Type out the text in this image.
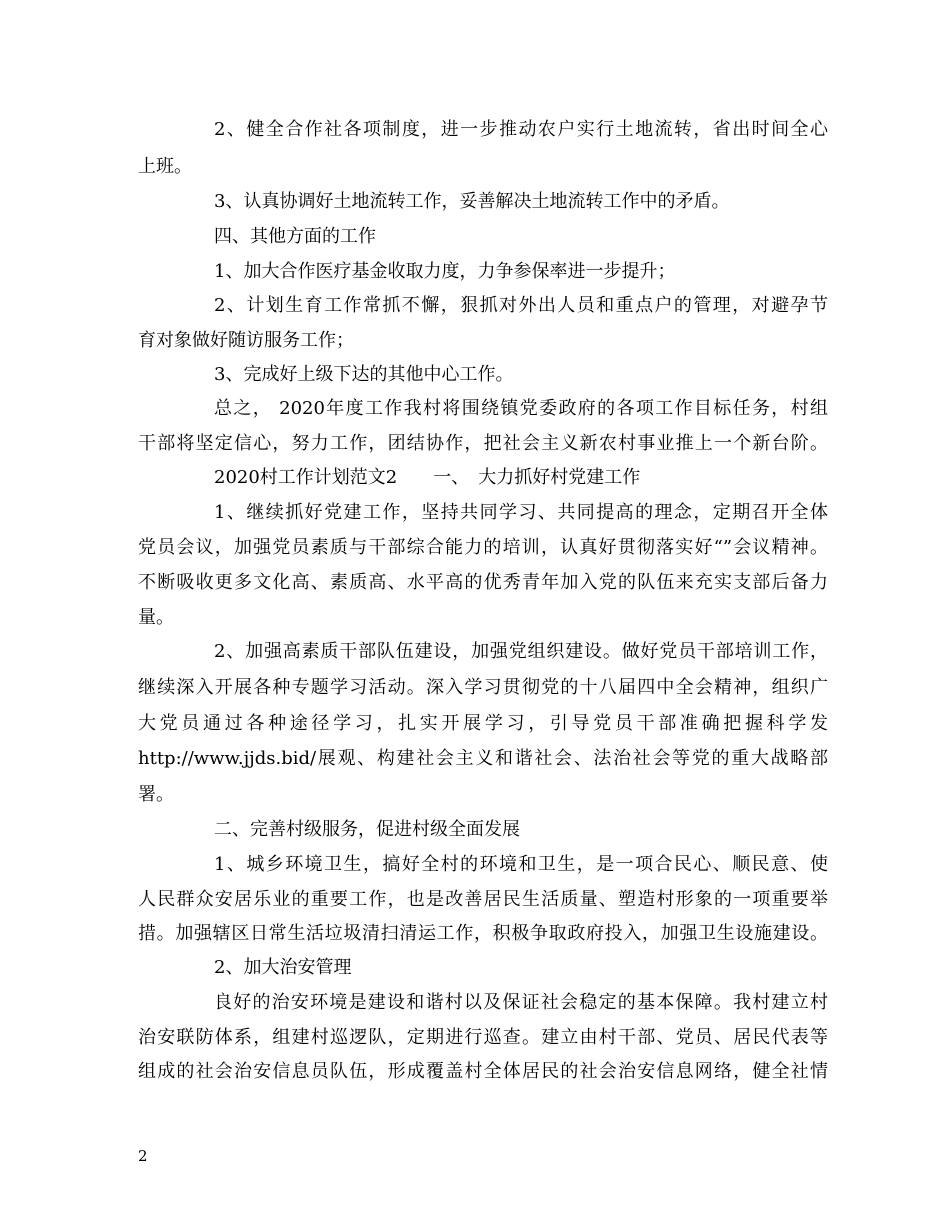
2、健全合作社各项制度，进一步推动农户实行土地流转，省出时间全心
上班。
3、认真协调好土地流转工作，妥善解决土地流转工作中的矛盾。
四、其他方面的工作
1、加大合作医疗基金收取力度，力争参保率进一步提升；
2、计划生育工作常抓不懈，狠抓对外出人员和重点户的管理，对避孕节
育对象做好随访服务工作；
3、完成好上级下达的其他中心工作。
总之， 2020年度工作我村将围绕镇党委政府的各项工作目标任务，村组
干部将坚定信心，努力工作，团结协作，把社会主义新农村事业推上一个新台阶。
2020村工作计划范文2　　一、　大力抓好村党建工作
1、继续抓好党建工作，坚持共同学习、共同提高的理念，定期召开全体
党员会议，加强党员素质与干部综合能力的培训，认真好贯彻落实好“”会议精神。
不断吸收更多文化高、素质高、水平高的优秀青年加入党的队伍来充实支部后备力
量。
2、加强高素质干部队伍建设，加强党组织建设。做好党员干部培训工作，
继续深入开展各种专题学习活动。深入学习贯彻党的十八届四中全会精神，组织广
大党员通过各种途径学习，扎实开展学习，引导党员干部准确把握科学发
http://www.jjds.bid/展观、构建社会主义和谐社会、法治社会等党的重大战略部
署。
二、完善村级服务，促进村级全面发展
1、城乡环境卫生，搞好全村的环境和卫生，是一项合民心、顺民意、使
人民群众安居乐业的重要工作，也是改善居民生活质量、塑造村形象的一项重要举
措。加强辖区日常生活垃圾清扫清运工作，积极争取政府投入，加强卫生设施建设。
2、加大治安管理
良好的治安环境是建设和谐村以及保证社会稳定的基本保障。我村建立村
治安联防体系，组建村巡逻队，定期进行巡查。建立由村干部、党员、居民代表等
组成的社会治安信息员队伍，形成覆盖村全体居民的社会治安信息网络，健全社情
2
